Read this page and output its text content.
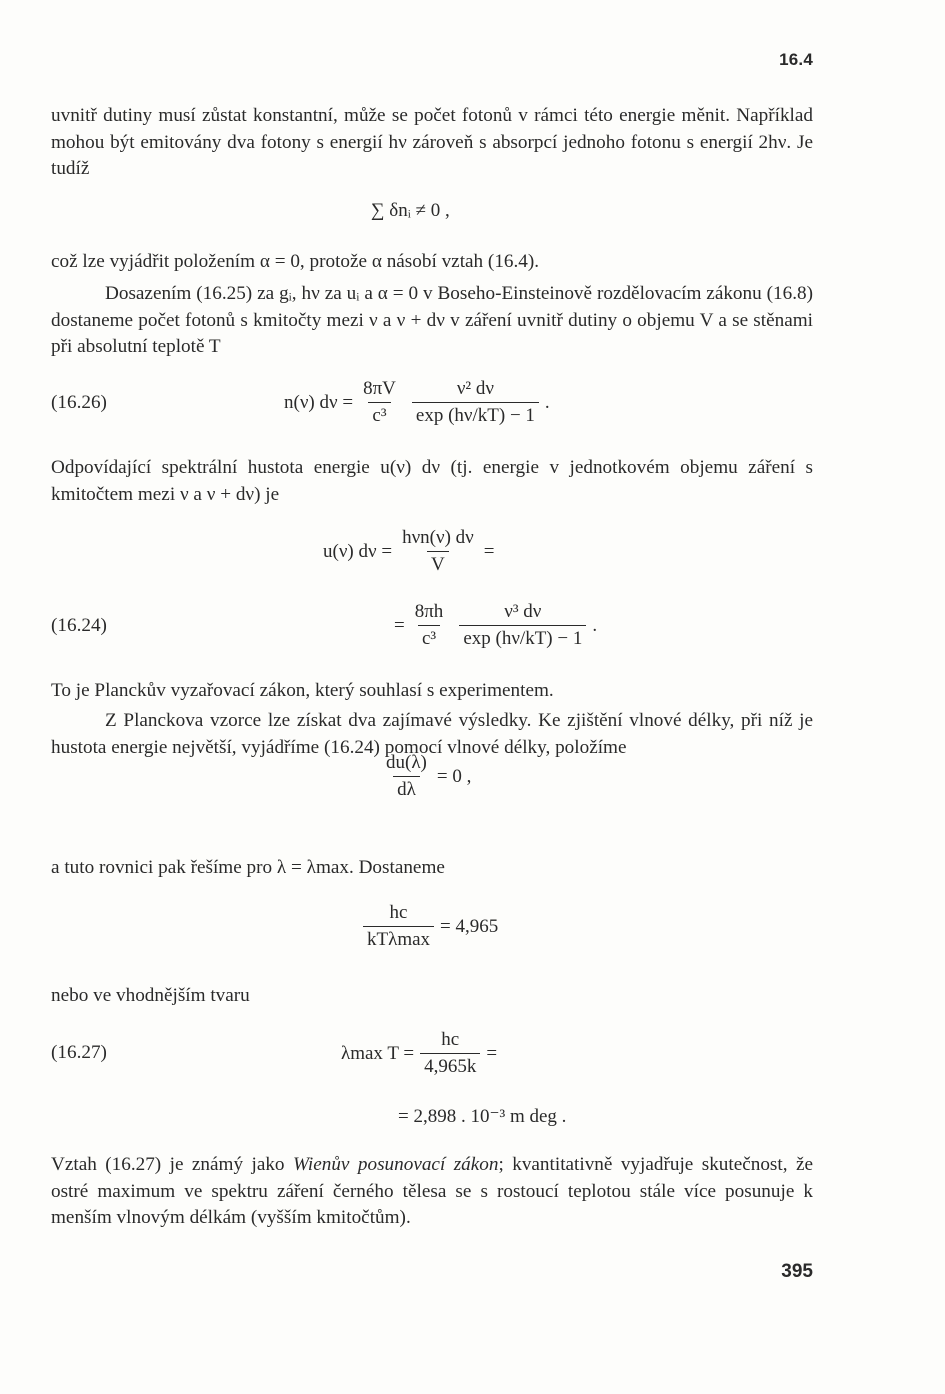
16.4

uvnitř dutiny musí zůstat konstantní, může se počet fotonů v rámci této energie měnit. Například mohou být emitovány dva fotony s energií hν zároveň s absorpcí jednoho fotonu s energií 2hν. Je tudíž

∑ δnᵢ ≠ 0 ,

což lze vyjádřit položením α = 0, protože α násobí vztah (16.4).

Dosazením (16.25) za gᵢ, hν za uᵢ a α = 0 v Boseho-Einsteinově rozdělovacím zákonu (16.8) dostaneme počet fotonů s kmitočty mezi ν a ν + dν v záření uvnitř dutiny o objemu V a se stěnami při absolutní teplotě T

(16.26)	n(ν) $d\nu = \frac{8\pi V}{\text{c³}} \frac{\text{ν² dν}}{\exp (h\nu/kT) - 1}$ .

Odpovídající spektrální hustota energie u(ν) dν (tj. energie v jednotkovém objemu záření s kmitočtem mezi ν a ν + dν) je

u(ν) $d\nu = \frac{\text{hνn(ν) dν}}{V}$ =
(16.24)	= $\frac{8\pi h}{\text{c³}} \frac{\text{ν³ dν}}{\exp (h\nu/kT) - 1}$ .

To je Planckův vyzařovací zákon, který souhlasí s experimentem.

Z Planckova vzorce lze získat dva zajímavé výsledky. Ke zjištění vlnové délky, při níž je hustota energie největší, vyjádříme (16.24) pomocí vlnové délky, položíme

$\frac{du(\lambda)}{d\lambda} = 0$ ,

a tuto rovnici pak řešíme pro λ = λmax. Dostaneme

$\frac{hc}{\text{kTλmax}} = 4,965$

nebo ve vhodnějším tvaru

(16.27)	λmax $T = \frac{hc}{4,965k}$ =
= 2,898 . 10⁻³ m deg .

Vztah (16.27) je známý jako Wienův posunovací zákon; kvantitativně vyjadřuje skutečnost, že ostré maximum ve spektru záření černého tělesa se s rostoucí teplotou stále více posunuje k menším vlnovým délkám (vyšším kmitočtům).

395
